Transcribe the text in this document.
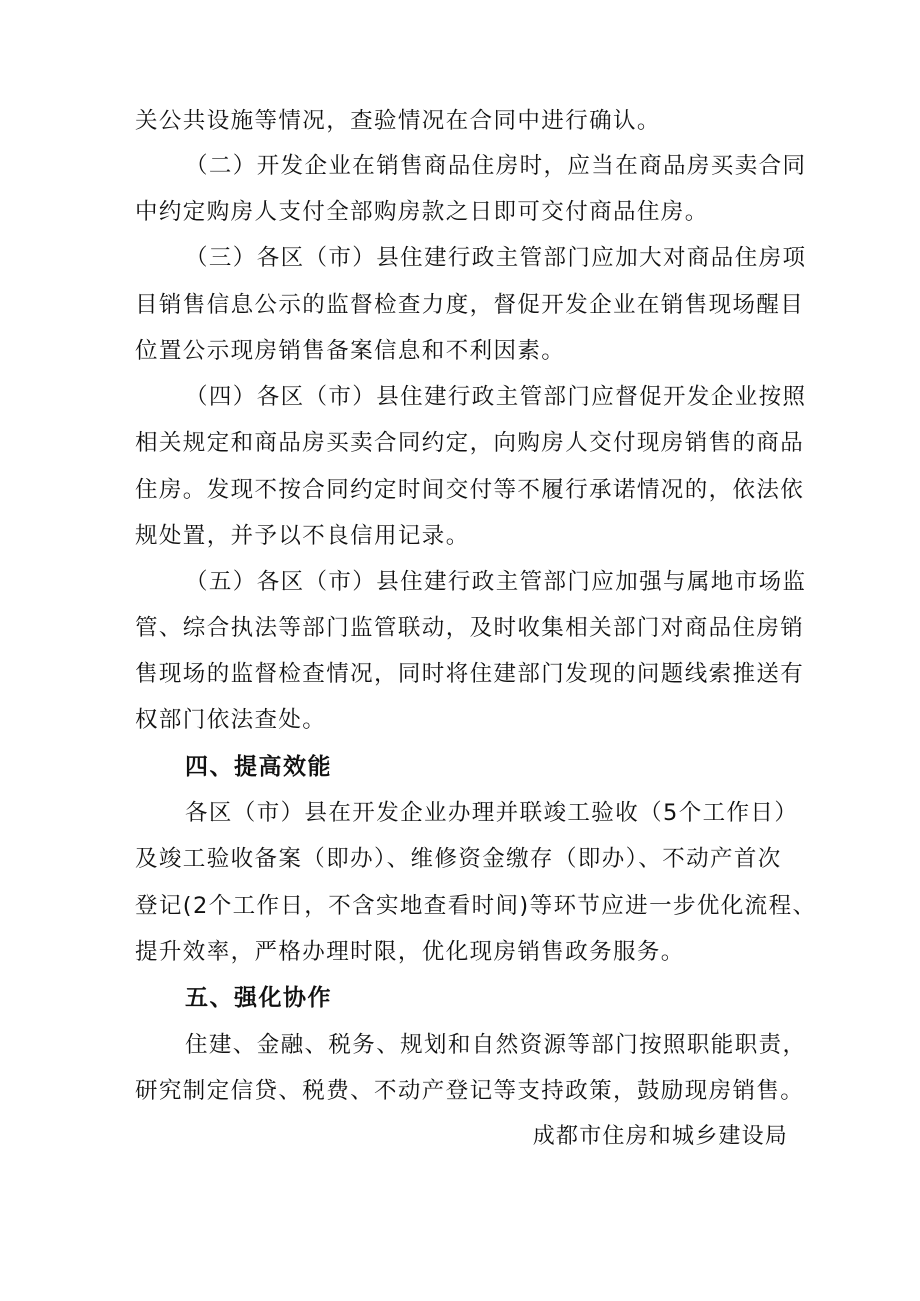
关公共设施等情况，查验情况在合同中进行确认。
（二）开发企业在销售商品住房时，应当在商品房买卖合同
中约定购房人支付全部购房款之日即可交付商品住房。
（三）各区（市）县住建行政主管部门应加大对商品住房项
目销售信息公示的监督检查力度，督促开发企业在销售现场醒目
位置公示现房销售备案信息和不利因素。
（四）各区（市）县住建行政主管部门应督促开发企业按照
相关规定和商品房买卖合同约定，向购房人交付现房销售的商品
住房。发现不按合同约定时间交付等不履行承诺情况的，依法依
规处置，并予以不良信用记录。
（五）各区（市）县住建行政主管部门应加强与属地市场监
管、综合执法等部门监管联动，及时收集相关部门对商品住房销
售现场的监督检查情况，同时将住建部门发现的问题线索推送有
权部门依法查处。
四、提高效能
各区（市）县在开发企业办理并联竣工验收（5个工作日）
及竣工验收备案（即办）、维修资金缴存（即办）、不动产首次
登记(2个工作日，不含实地查看时间)等环节应进一步优化流程、
提升效率，严格办理时限，优化现房销售政务服务。
五、强化协作
住建、金融、税务、规划和自然资源等部门按照职能职责，
研究制定信贷、税费、不动产登记等支持政策，鼓励现房销售。
成都市住房和城乡建设局
